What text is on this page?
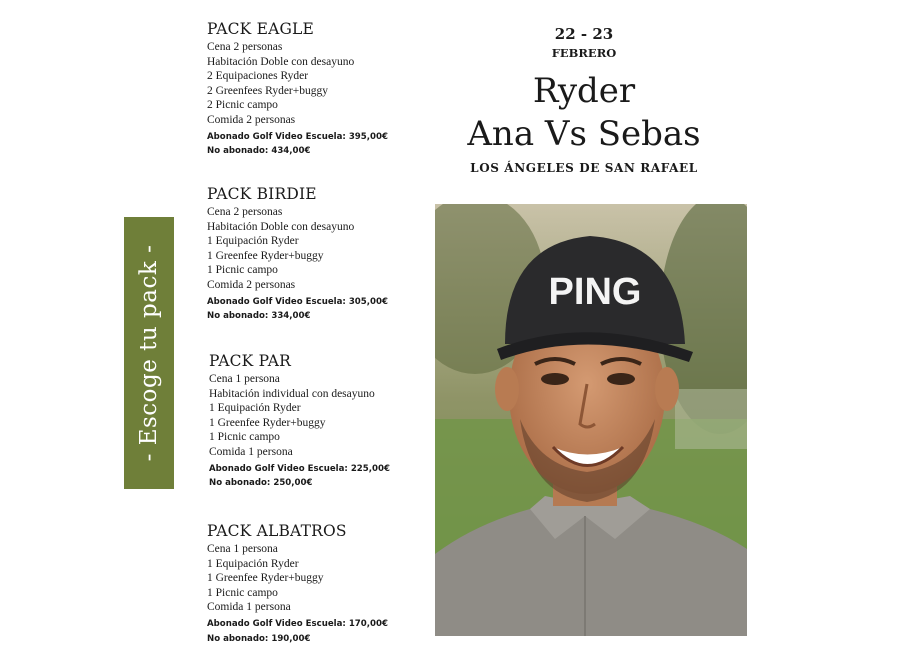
- Escoge tu pack -
PACK EAGLE
Cena 2 personas
Habitación Doble con desayuno
2 Equipaciones Ryder
2 Greenfees Ryder+buggy
2 Picnic campo
Comida 2 personas
Abonado Golf Video Escuela: 395,00€
No abonado: 434,00€
PACK BIRDIE
Cena 2 personas
Habitación Doble con desayuno
1 Equipación Ryder
1 Greenfee Ryder+buggy
1 Picnic campo
Comida 2 personas
Abonado Golf Video Escuela: 305,00€
No abonado: 334,00€
PACK PAR
Cena 1 persona
Habitación individual con desayuno
1 Equipación Ryder
1 Greenfee Ryder+buggy
1 Picnic campo
Comida 1 persona
Abonado Golf Video Escuela: 225,00€
No abonado: 250,00€
PACK ALBATROS
Cena 1 persona
1 Equipación Ryder
1 Greenfee Ryder+buggy
1 Picnic campo
Comida 1 persona
Abonado Golf Video Escuela: 170,00€
No abonado: 190,00€
22 - 23
FEBRERO
Ryder
Ana Vs Sebas
LOS ÁNGELES DE SAN RAFAEL
PING
